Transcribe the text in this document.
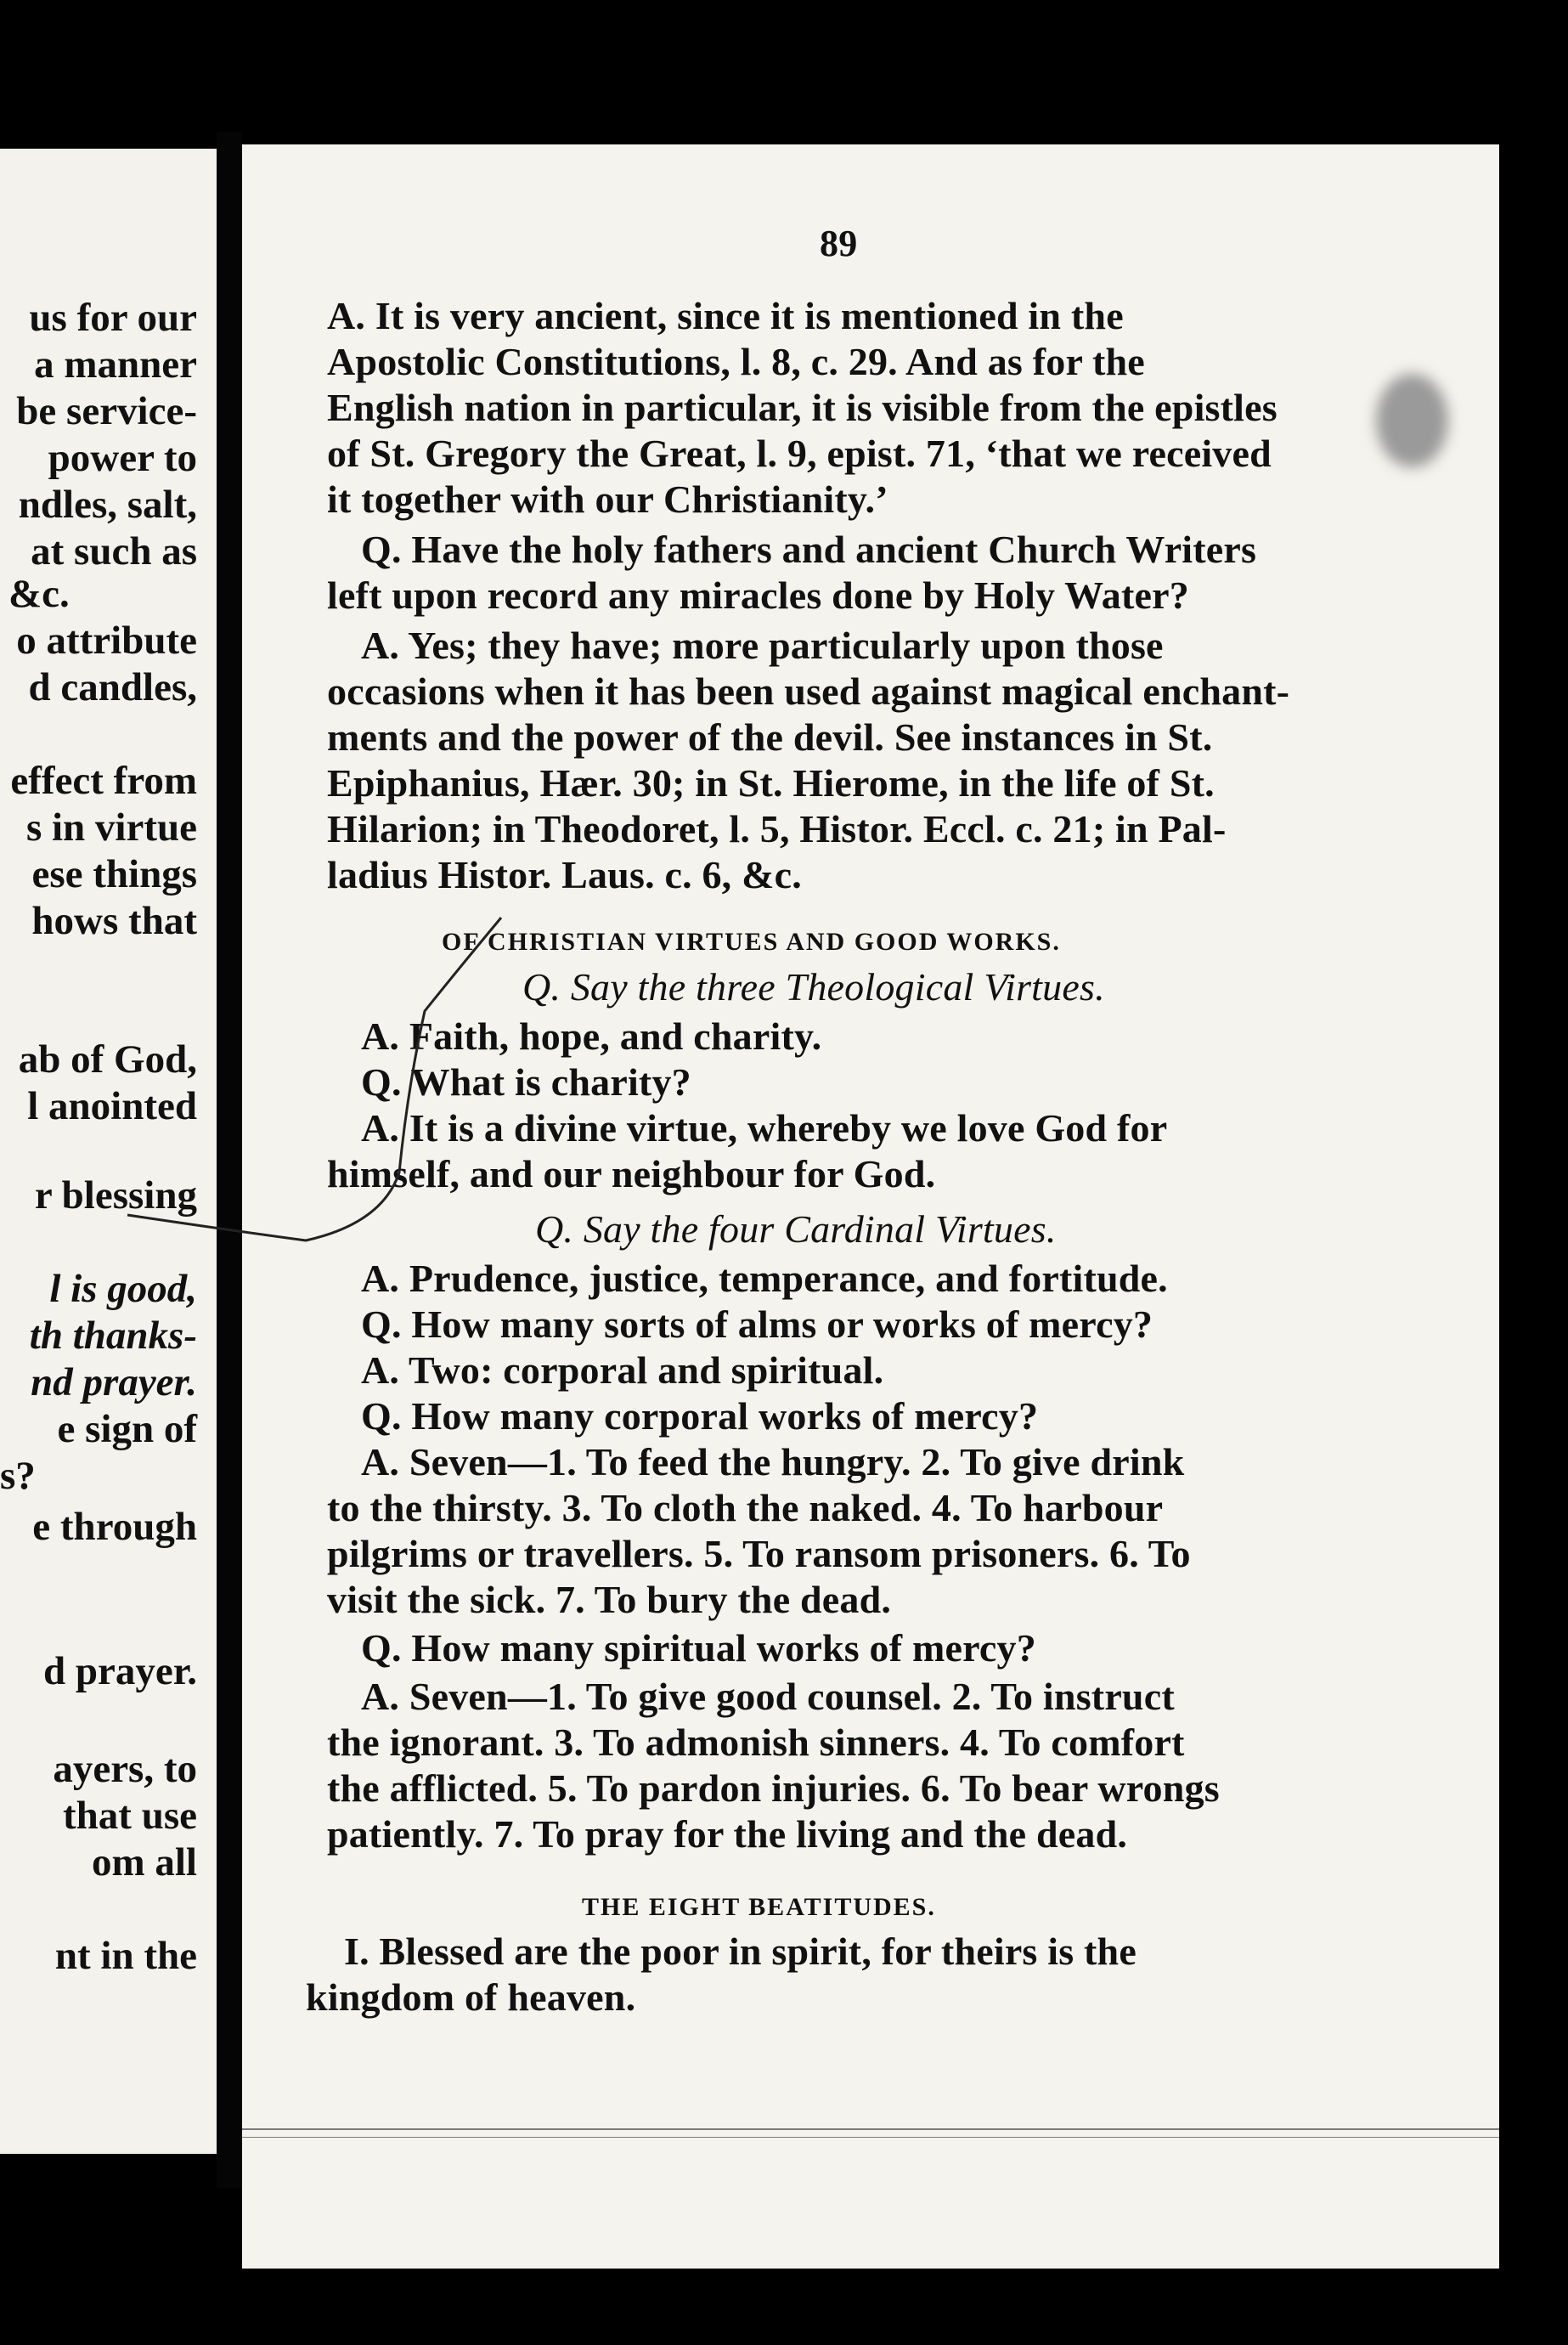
us for our
a manner
be service-
power to
ndles, salt,
at such as
&c.
o attribute
d candles,
effect from
s in virtue
ese things
hows that
ab of God,
l anointed
r blessing
l is good,
th thanks-
nd prayer.
e sign of
s?
e through
d prayer.
ayers, to
that use
om all
nt in the
89
A. It is very ancient, since it is mentioned in the
Apostolic Constitutions, l. 8, c. 29. And as for the
English nation in particular, it is visible from the epistles
of St. Gregory the Great, l. 9, epist. 71, ‘that we received
it together with our Christianity.’
Q. Have the holy fathers and ancient Church Writers
left upon record any miracles done by Holy Water?
A. Yes; they have; more particularly upon those
occasions when it has been used against magical enchant-
ments and the power of the devil. See instances in St.
Epiphanius, Hær. 30; in St. Hierome, in the life of St.
Hilarion; in Theodoret, l. 5, Histor. Eccl. c. 21; in Pal-
ladius Histor. Laus. c. 6, &c.
OF CHRISTIAN VIRTUES AND GOOD WORKS.
Q. Say the three Theological Virtues.
A. Faith, hope, and charity.
Q. What is charity?
A. It is a divine virtue, whereby we love God for
himself, and our neighbour for God.
Q. Say the four Cardinal Virtues.
A. Prudence, justice, temperance, and fortitude.
Q. How many sorts of alms or works of mercy?
A. Two: corporal and spiritual.
Q. How many corporal works of mercy?
A. Seven—1. To feed the hungry. 2. To give drink
to the thirsty. 3. To cloth the naked. 4. To harbour
pilgrims or travellers. 5. To ransom prisoners. 6. To
visit the sick. 7. To bury the dead.
Q. How many spiritual works of mercy?
A. Seven—1. To give good counsel. 2. To instruct
the ignorant. 3. To admonish sinners. 4. To comfort
the afflicted. 5. To pardon injuries. 6. To bear wrongs
patiently. 7. To pray for the living and the dead.
THE EIGHT BEATITUDES.
I. Blessed are the poor in spirit, for theirs is the
kingdom of heaven.
